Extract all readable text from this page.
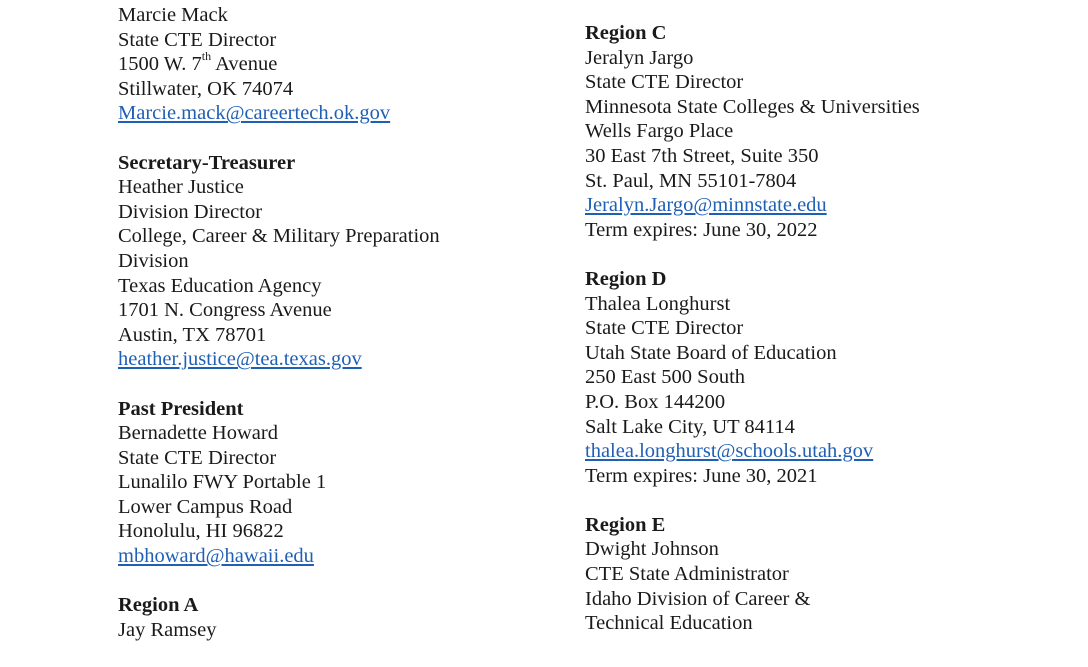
Marcie Mack
State CTE Director
1500 W. 7th Avenue
Stillwater, OK 74074
Marcie.mack@careertech.ok.gov
Secretary-Treasurer
Heather Justice
Division Director
College, Career & Military Preparation
Division
Texas Education Agency
1701 N. Congress Avenue
Austin, TX 78701
heather.justice@tea.texas.gov
Past President
Bernadette Howard
State CTE Director
Lunalilo FWY Portable 1
Lower Campus Road
Honolulu, HI 96822
mbhoward@hawaii.edu
Region A
Jay Ramsey
Region C
Jeralyn Jargo
State CTE Director
Minnesota State Colleges & Universities
Wells Fargo Place
30 East 7th Street, Suite 350
St. Paul, MN 55101-7804
Jeralyn.Jargo@minnstate.edu
Term expires: June 30, 2022
Region D
Thalea Longhurst
State CTE Director
Utah State Board of Education
250 East 500 South
P.O. Box 144200
Salt Lake City, UT 84114
thalea.longhurst@schools.utah.gov
Term expires: June 30, 2021
Region E
Dwight Johnson
CTE State Administrator
Idaho Division of Career &
Technical Education
